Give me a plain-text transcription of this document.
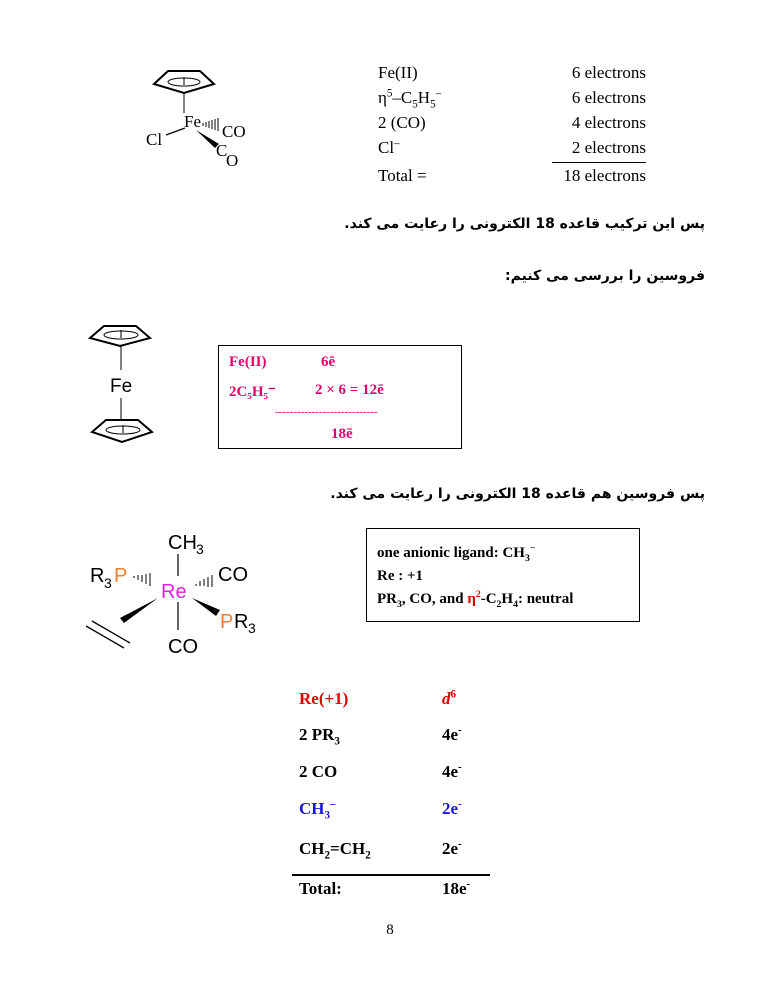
Fe
Cl	CO
C
O
Fe(II)	6 electrons
$\eta^5-C_5H_5^-$	6 electrons
2 (CO)	4 electrons
Cl–	2 electrons
Total =	18 electrons
پس این ترکیب قاعده 18 الکترونی را رعایت می کند.
فروسین را بررسی می کنیم:
Fe
Fe(II)	6ē
2C₅H₅⁻	2 × 6 = 12ē
----------------------------
18ē
پس فروسین هم قاعده 18 الکترونی را رعایت می کند.
CH 3
R 3 P
Re
CO
P R 3
CO
one anionic ligand: $CH_3^-$
Re : +1
$PR_3$, CO, and $\eta^2-C_2H_4$: neutral
Re(+1)	$d^6$
2 $PR_3$	4e-
2 CO	4e-
$CH_3^-$	2e-
$CH_2=CH_2$	2e-
Total:	18e-
8
